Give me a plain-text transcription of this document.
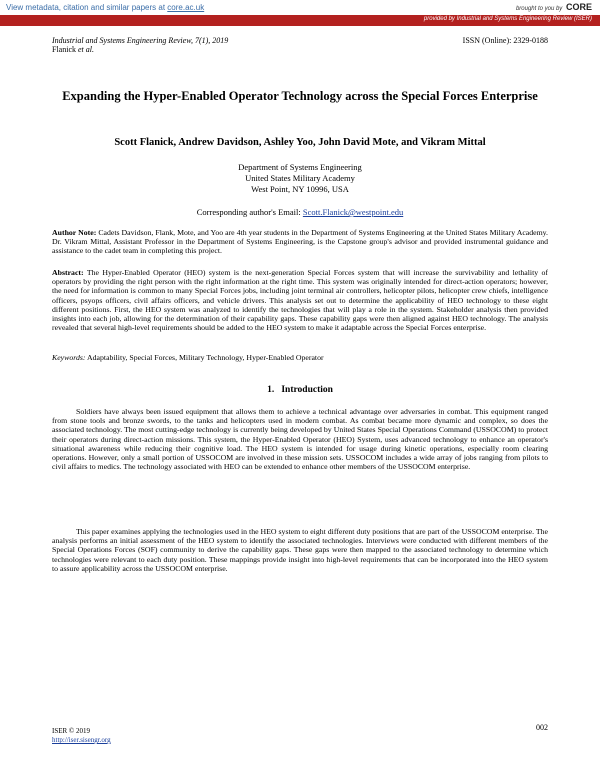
View metadata, citation and similar papers at core.ac.uk	brought to you by CORE
provided by Industrial and Systems Engineering Review (ISER)
Industrial and Systems Engineering Review, 7(1), 2019
Flanick et al.
ISSN (Online): 2329-0188
Expanding the Hyper-Enabled Operator Technology across the Special Forces Enterprise
Scott Flanick, Andrew Davidson, Ashley Yoo, John David Mote, and Vikram Mittal
Department of Systems Engineering
United States Military Academy
West Point, NY 10996, USA
Corresponding author's Email: Scott.Flanick@westpoint.edu
Author Note: Cadets Davidson, Flank, Mote, and Yoo are 4th year students in the Department of Systems Engineering at the United States Military Academy. Dr. Vikram Mittal, Assistant Professor in the Department of Systems Engineering, is the Capstone group's advisor and provided instrumental guidance and assistance to the cadet team in completing this project.
Abstract: The Hyper-Enabled Operator (HEO) system is the next-generation Special Forces system that will increase the survivability and lethality of operators by providing the right person with the right information at the right time. This system was originally intended for direct-action operators; however, the need for information is common to many Special Forces jobs, including joint terminal air controllers, helicopter pilots, helicopter crew chiefs, intelligence officers, psyops officers, civil affairs officers, and vehicle drivers. This analysis set out to determine the applicability of HEO technology to these eight different positions. First, the HEO system was analyzed to identify the technologies that will play a role in the system. Stakeholder analysis then provided insights into each job, allowing for the determination of their capability gaps. These capability gaps were then aligned against HEO technology. The analysis revealed that several high-level requirements should be added to the HEO system to make it adaptable across the Special Forces enterprise.
Keywords: Adaptability, Special Forces, Military Technology, Hyper-Enabled Operator
1.   Introduction
Soldiers have always been issued equipment that allows them to achieve a technical advantage over adversaries in combat. This equipment ranged from stone tools and bronze swords, to the tanks and helicopters used in modern combat. As combat became more dynamic and complex, so does the associated technology. The most cutting-edge technology is currently being developed by United States Special Operations Command (USSOCOM) to protect their operators during direct-action missions. This system, the Hyper-Enabled Operator (HEO) System, uses advanced technology to enhance an operator's situational awareness while reducing their cognitive load. The HEO system is intended for usage during kinetic operations, especially room clearing operations. However, only a small portion of USSOCOM are involved in these mission sets. USSOCOM includes a wide array of jobs ranging from pilots to civil affairs to medics. The technology associated with HEO can be extended to enhance other members of the USSOCOM enterprise.
This paper examines applying the technologies used in the HEO system to eight different duty positions that are part of the USSOCOM enterprise. The analysis performs an initial assessment of the HEO system to identify the associated technologies. Interviews were conducted with different members of the Special Operations Forces (SOF) community to derive the capability gaps. These gaps were then mapped to the associated technology to determine which technologies were relevant to each duty position. These mappings provide insight into high-level requirements that can be incorporated into the HEO system to assure applicability across the USSOCOM enterprise.
ISER © 2019
http://iser.sisengr.org
002
